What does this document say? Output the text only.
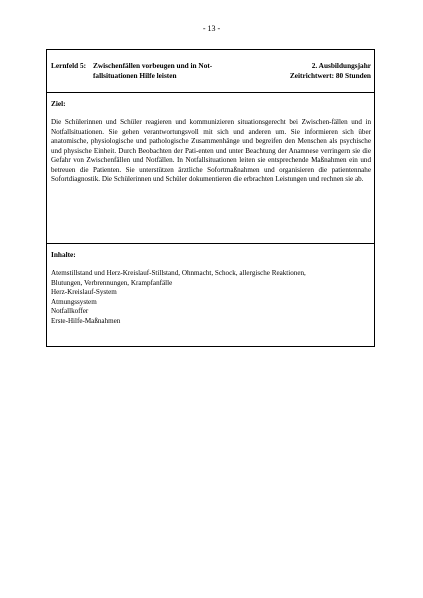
- 13 -
Lernfeld 5: Zwischenfällen vorbeugen und in Not-fallsituationen Hilfe leisten
2. Ausbildungsjahr
Zeitrichtwert: 80 Stunden
Ziel:

Die Schülerinnen und Schüler reagieren und kommunizieren situationsgerecht bei Zwischen-fällen und in Notfallsituationen. Sie gehen verantwortungsvoll mit sich und anderen um. Sie informieren sich über anatomische, physiologische und pathologische Zusammenhänge und begreifen den Menschen als psychische und physische Einheit. Durch Beobachten der Pati-enten und unter Beachtung der Anamnese verringern sie die Gefahr von Zwischenfällen und Notfällen. In Notfallsituationen leiten sie entsprechende Maßnahmen ein und betreuen die Patienten. Sie unterstützen ärztliche Sofortmaßnahmen und organisieren die patientennahe Sofortdiagnostik. Die Schülerinnen und Schüler dokumentieren die erbrachten Leistungen und rechnen sie ab.

Inhalte:
Atemstillstand und Herz-Kreislauf-Stillstand, Ohnmacht, Schock, allergische Reaktionen,
Blutungen, Verbrennungen, Krampfanfälle
Herz-Kreislauf-System
Atmungssystem
Notfallkoffer
Erste-Hilfe-Maßnahmen
